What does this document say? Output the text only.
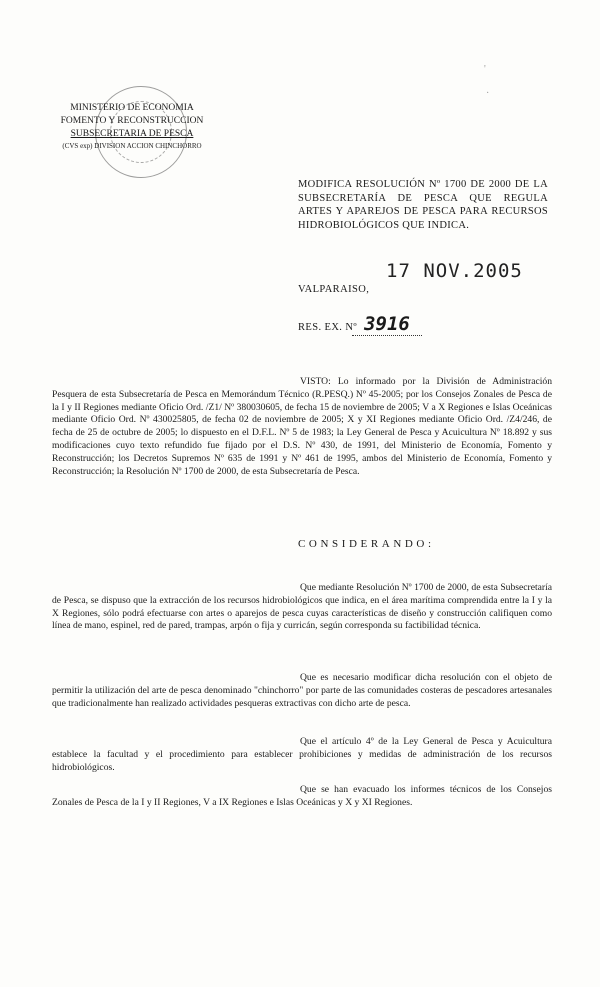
MINISTERIO DE ECONOMIA
FOMENTO Y RECONSTRUCCION
SUBSECRETARIA DE PESCA
(CVS exp) DIVISION ACCION CHINCHORRO
'
·
MODIFICA RESOLUCIÓN Nº 1700 DE 2000 DE LA SUBSECRETARÍA DE PESCA QUE REGULA ARTES Y APAREJOS DE PESCA PARA RECURSOS HIDROBIOLÓGICOS QUE INDICA.
VALPARAISO,
17 NOV.2005
RES. EX. Nº 3916
VISTO: Lo informado por la División de Administración Pesquera de esta Subsecretaría de Pesca en Memorándum Técnico (R.PESQ.) Nº 45-2005; por los Consejos Zonales de Pesca de la I y II Regiones mediante Oficio Ord. /Z1/ Nº 380030605, de fecha 15 de noviembre de 2005; V a X Regiones e Islas Oceánicas mediante Oficio Ord. Nº 430025805, de fecha 02 de noviembre de 2005; X y XI Regiones mediante Oficio Ord. /Z4/246, de fecha de 25 de octubre de 2005; lo dispuesto en el D.F.L. Nº 5 de 1983; la Ley General de Pesca y Acuicultura Nº 18.892 y sus modificaciones cuyo texto refundido fue fijado por el D.S. Nº 430, de 1991, del Ministerio de Economía, Fomento y Reconstrucción; los Decretos Supremos Nº 635 de 1991 y Nº 461 de 1995, ambos del Ministerio de Economía, Fomento y Reconstrucción; la Resolución Nº 1700 de 2000, de esta Subsecretaría de Pesca.
CONSIDERANDO:
Que mediante Resolución Nº 1700 de 2000, de esta Subsecretaría de Pesca, se dispuso que la extracción de los recursos hidrobiológicos que indica, en el área marítima comprendida entre la I y la X Regiones, sólo podrá efectuarse con artes o aparejos de pesca cuyas características de diseño y construcción califiquen como línea de mano, espinel, red de pared, trampas, arpón o fija y curricán, según corresponda su factibilidad técnica.
Que es necesario modificar dicha resolución con el objeto de permitir la utilización del arte de pesca denominado "chinchorro" por parte de las comunidades costeras de pescadores artesanales que tradicionalmente han realizado actividades pesqueras extractivas con dicho arte de pesca.
Que el artículo 4º de la Ley General de Pesca y Acuicultura establece la facultad y el procedimiento para establecer prohibiciones y medidas de administración de los recursos hidrobiológicos.
Que se han evacuado los informes técnicos de los Consejos Zonales de Pesca de la I y II Regiones, V a IX Regiones e Islas Oceánicas y X y XI Regiones.
